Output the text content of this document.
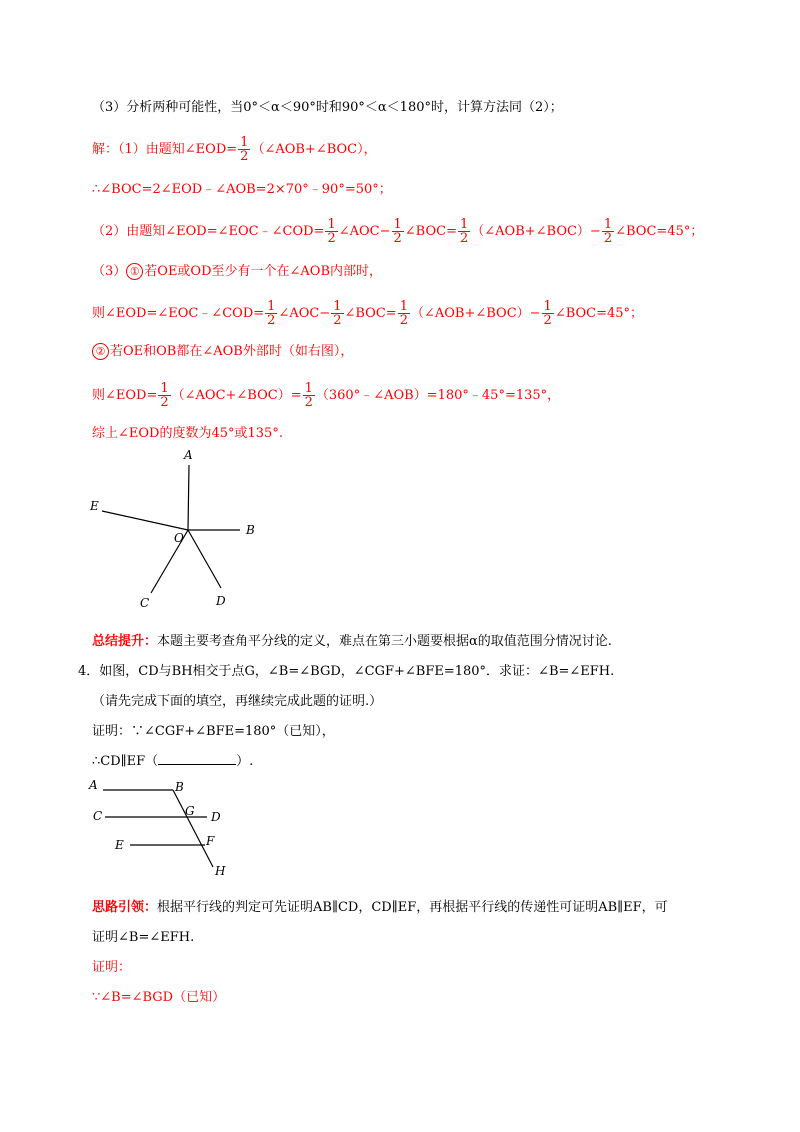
（3）分析两种可能性，当0°＜α＜90°时和90°＜α＜180°时，计算方法同（2）；
解：（1）由题知∠EOD= $\frac{1}{2}$ （∠AOB+∠BOC），
∴∠BOC=2∠EOD﹣∠AOB=2×70°﹣90°=50°；
（2）由题知∠EOD=∠EOC﹣∠COD= $\frac{1}{2}$ ∠AOC− $\frac{1}{2}$ ∠BOC= $\frac{1}{2}$ （∠AOB+∠BOC）− $\frac{1}{2}$ ∠BOC=45°；
（3） ① 若OE或OD至少有一个在∠AOB内部时，
则∠EOD=∠EOC﹣∠COD= $\frac{1}{2}$ ∠AOC− $\frac{1}{2}$ ∠BOC= $\frac{1}{2}$ （∠AOB+∠BOC）− $\frac{1}{2}$ ∠BOC=45°；
② 若OE和OB都在∠AOB外部时（如右图），
则∠EOD= $\frac{1}{2}$ （∠AOC+∠BOC）= $\frac{1}{2}$ （360°﹣∠AOB）=180°﹣45°=135°，
综上∠EOD的度数为45°或135°.
A
B
E
O
C	D
总结提升：本题主要考查角平分线的定义，难点在第三小题要根据α的取值范围分情况讨论.
4．如图，CD与BH相交于点G，∠B=∠BGD，∠CGF+∠BFE=180°．求证：∠B=∠EFH.
（请先完成下面的填空，再继续完成此题的证明.）
证明：∵∠CGF+∠BFE=180°（已知），
∴CD∥EF（	）.
A	B
C	G D
E	F
H
思路引领：根据平行线的判定可先证明AB∥CD，CD∥EF，再根据平行线的传递性可证明AB∥EF，可
证明∠B=∠EFH.
证明：
∵∠B=∠BGD（已知）
